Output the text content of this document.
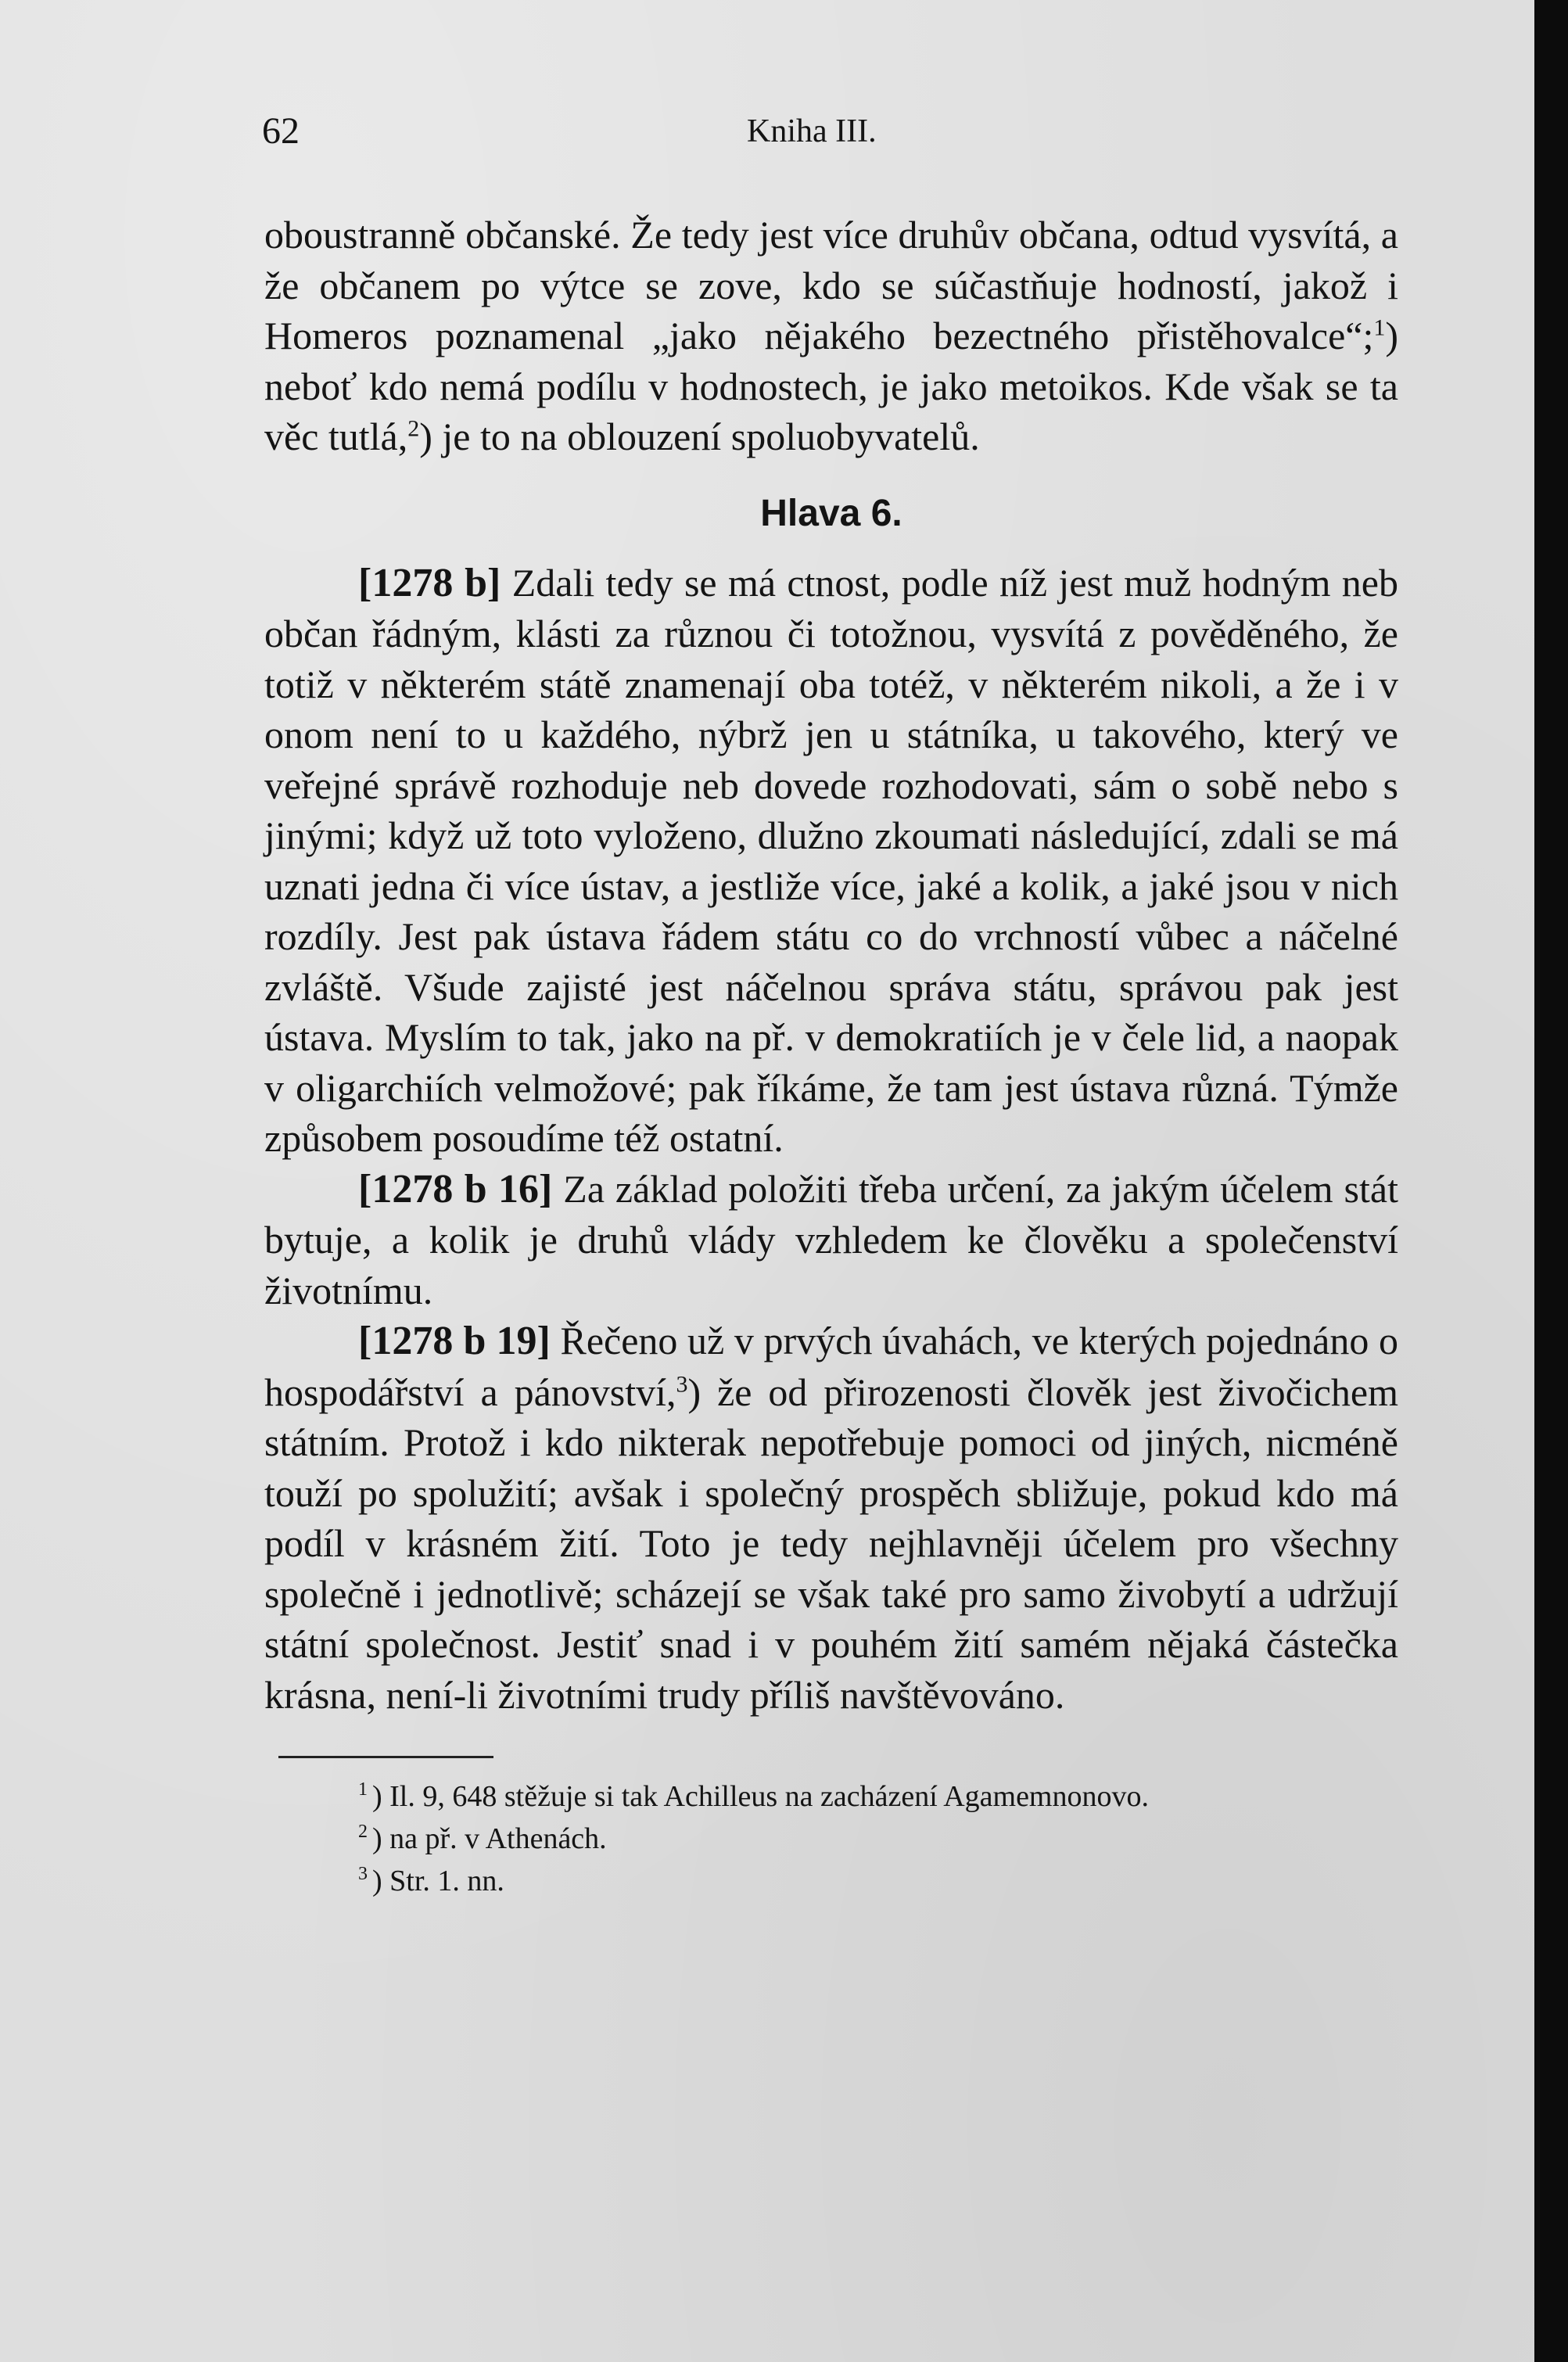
62	Kniha III.

oboustranně občanské. Že tedy jest více druhův občana, odtud vysvítá, a že občanem po výtce se zove, kdo se súčastňuje hodností, jakož i Homeros poznamenal „jako nějakého bezectného přistěhovalce“;$^1$) neboť kdo nemá podílu v hodnostech, je jako metoikos. Kde však se ta věc tutlá,$^2$) je to na oblouzení spoluobyvatelů.

Hlava 6.

[1278 b] Zdali tedy se má ctnost, podle níž jest muž hodným neb občan řádným, klásti za různou či totožnou, vysvítá z pověděného, že totiž v některém státě znamenají oba totéž, v některém nikoli, a že i v onom není to u každého, nýbrž jen u státníka, u takového, který ve veřejné správě rozhoduje neb dovede rozhodovati, sám o sobě nebo s jinými; když už toto vyloženo, dlužno zkoumati následující, zdali se má uznati jedna či více ústav, a jestliže více, jaké a kolik, a jaké jsou v nich rozdíly. Jest pak ústava řádem státu co do vrchností vůbec a náčelné zvláště. Všude zajisté jest náčelnou správa státu, správou pak jest ústava. Myslím to tak, jako na př. v demokratiích je v čele lid, a naopak v oligarchiích velmožové; pak říkáme, že tam jest ústava různá. Týmže způsobem posoudíme též ostatní.

[1278 b 16] Za základ položiti třeba určení, za jakým účelem stát bytuje, a kolik je druhů vlády vzhledem ke člověku a společenství životnímu.

[1278 b 19] Řečeno už v prvých úvahách, ve kterých pojednáno o hospodářství a pánovství,$^3$) že od přirozenosti člověk jest živočichem státním. Protož i kdo nikterak nepotřebuje pomoci od jiných, nicméně touží po spolužití; avšak i společný prospěch sbližuje, pokud kdo má podíl v krásném žití. Toto je tedy nejhlavněji účelem pro všechny společně i jednotlivě; scházejí se však také pro samo živobytí a udržují státní společnost. Jestiť snad i v pouhém žití samém nějaká částečka krásna, není-li životními trudy příliš navštěvováno.

$^1$ ) Il. 9, 648 stěžuje si tak Achilleus na zacházení Agamemnonovo.
$^2$ ) na př. v Athenách.
$^3$ ) Str. 1. nn.
